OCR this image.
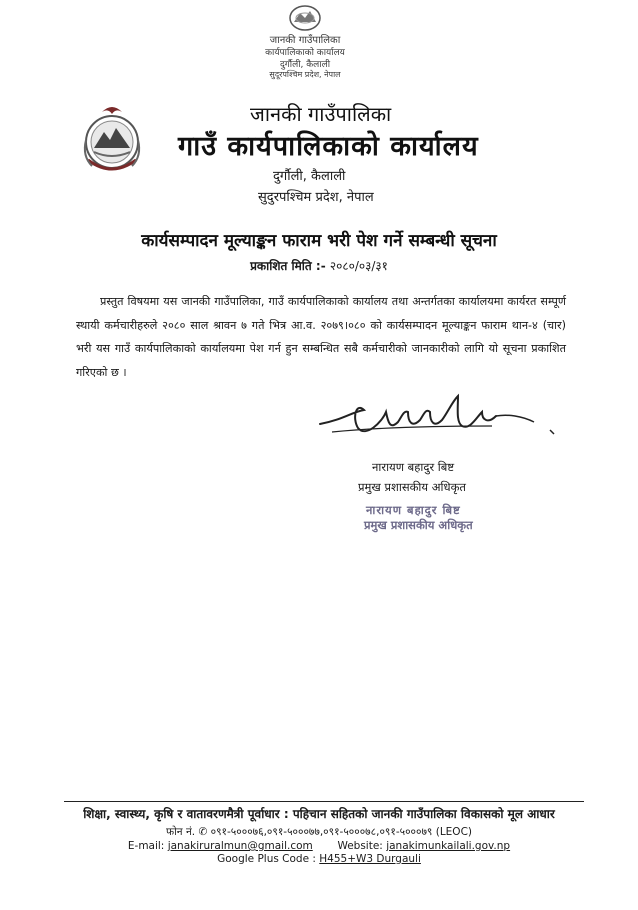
जानकी गाउँपालिका
कार्यपालिकाको कार्यालय
दुर्गौली, कैलाली
सुदूरपश्चिम प्रदेश, नेपाल
जानकी गाउँपालिका
गाउँ कार्यपालिकाको कार्यालय
दुर्गौली, कैलाली
सुदुरपश्चिम प्रदेश, नेपाल
कार्यसम्पादन मूल्याङ्कन फाराम भरी पेश गर्ने सम्बन्धी सूचना
प्रकाशित मिति :- २०८०/०३/३१
प्रस्तुत विषयमा यस जानकी गाउँपालिका, गाउँ कार्यपालिकाको कार्यालय तथा अन्तर्गतका कार्यालयमा कार्यरत सम्पूर्ण स्थायी कर्मचारीहरुले २०८० साल श्रावन ७ गते भित्र आ.व. २०७९।०८० को कार्यसम्पादन मूल्याङ्कन फाराम थान-४ (चार) भरी यस गाउँ कार्यपालिकाको कार्यालयमा पेश गर्न हुन सम्बन्धित सबै कर्मचारीको जानकारीको लागि यो सूचना प्रकाशित गरिएको छ ।
नारायण बहादुर बिष्ट
प्रमुख प्रशासकीय अधिकृत
नारायण बहादुर बिष्ट
प्रमुख प्रशासकीय अधिकृत
शिक्षा, स्वास्थ्य, कृषि र वातावरणमैत्री पूर्वाधार : पहिचान सहितको जानकी गाउँपालिका विकासको मूल आधार
फोन नं. ✆ ०९१-५०००७६,०९१-५०००७७,०९१-५०००७८,०९१-५०००७९ (LEOC)
E-mail: janakiruralmun@gmail.com Website: janakimunkailali.gov.np
Google Plus Code : H455+W3 Durgauli
